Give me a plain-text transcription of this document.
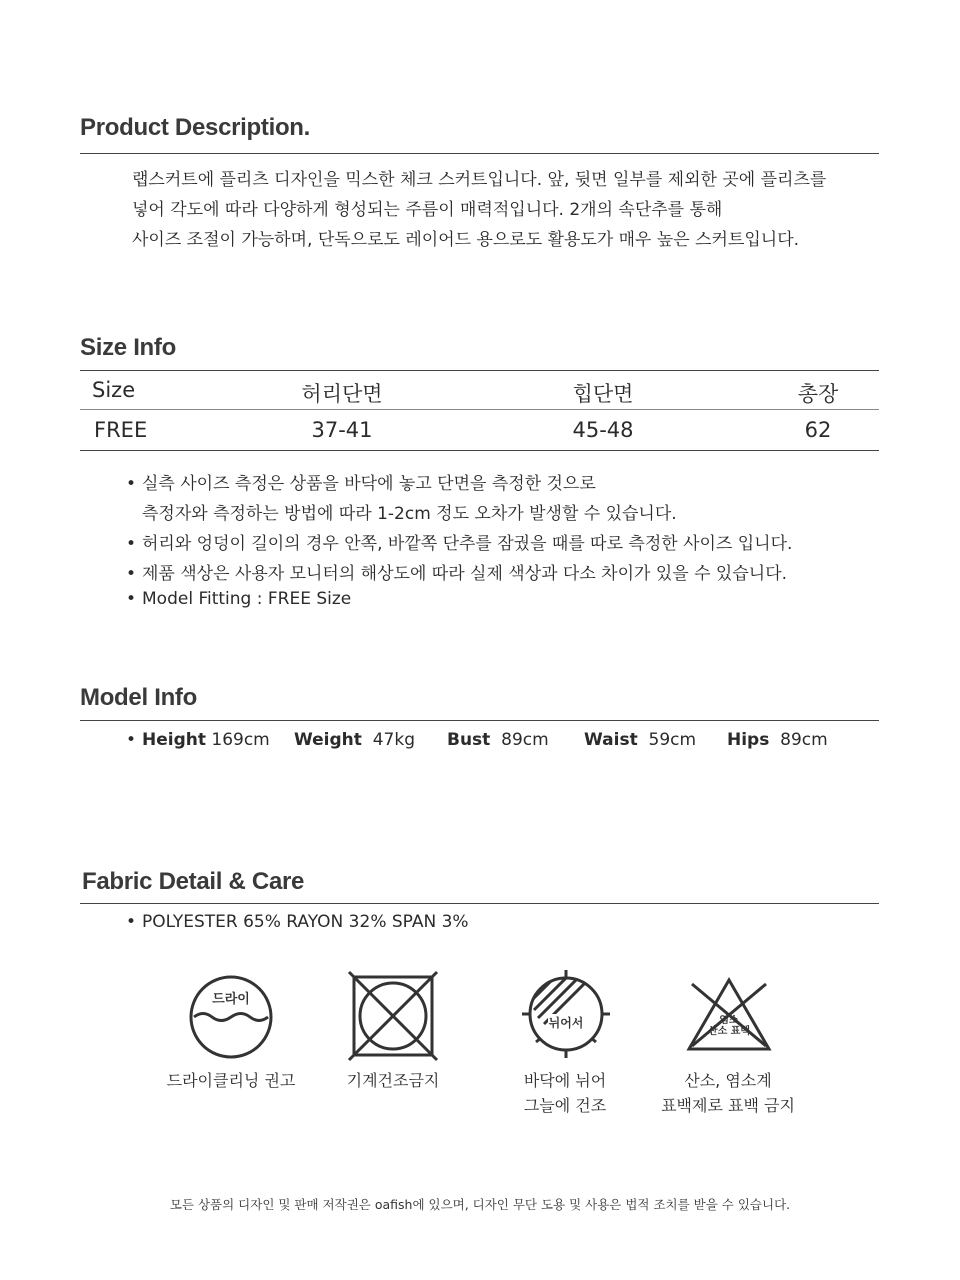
Product Description.
랩스커트에 플리츠 디자인을 믹스한 체크 스커트입니다. 앞, 뒷면 일부를 제외한 곳에 플리츠를
넣어 각도에 따라 다양하게 형성되는 주름이 매력적입니다. 2개의 속단추를 통해
사이즈 조절이 가능하며, 단독으로도 레이어드 용으로도 활용도가 매우 높은 스커트입니다.
Size Info
Size	허리단면	힙단면	총장
FREE	37-41	45-48	62
• 실측 사이즈 측정은 상품을 바닥에 놓고 단면을 측정한 것으로
측정자와 측정하는 방법에 따라 1-2cm 정도 오차가 발생할 수 있습니다.
• 허리와 엉덩이 길이의 경우 안쪽, 바깥쪽 단추를 잠궜을 때를 따로 측정한 사이즈 입니다.
• 제품 색상은 사용자 모니터의 해상도에 따라 실제 색상과 다소 차이가 있을 수 있습니다.
• Model Fitting : FREE Size
Model Info
• Height 169cm Weight 47kg Bust 89cm Waist 59cm Hips 89cm
Fabric Detail & Care
• POLYESTER 65% RAYON 32% SPAN 3%
드라이
뉘어서	염소
산소 표백
드라이클리닝 권고	기계건조금지	바닥에 뉘어
그늘에 건조
산소, 염소계
표백제로 표백 금지
모든 상품의 디자인 및 판매 저작권은 oafish에 있으며, 디자인 무단 도용 및 사용은 법적 조치를 받을 수 있습니다.
